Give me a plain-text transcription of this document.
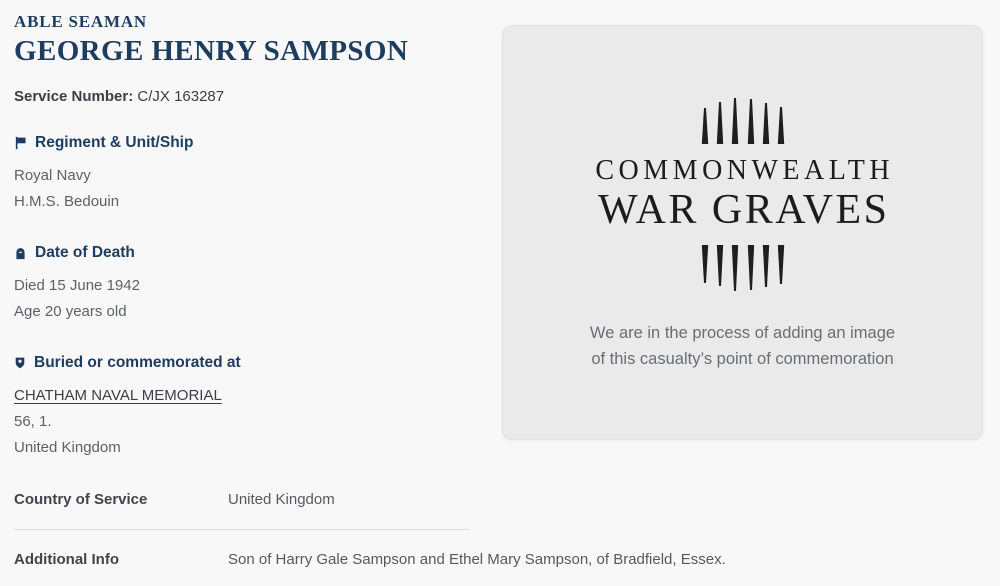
ABLE SEAMAN
GEORGE HENRY SAMPSON
Service Number: C/JX 163287
Regiment & Unit/Ship
Royal Navy
H.M.S. Bedouin
Date of Death
Died 15 June 1942
Age 20 years old
Buried or commemorated at
CHATHAM NAVAL MEMORIAL
56, 1.
United Kingdom
Country of Service	United Kingdom
Additional Info	Son of Harry Gale Sampson and Ethel Mary Sampson, of Bradfield, Essex.
COMMONWEALTH
WAR GRAVES
We are in the process of adding an image
of this casualty’s point of commemoration
